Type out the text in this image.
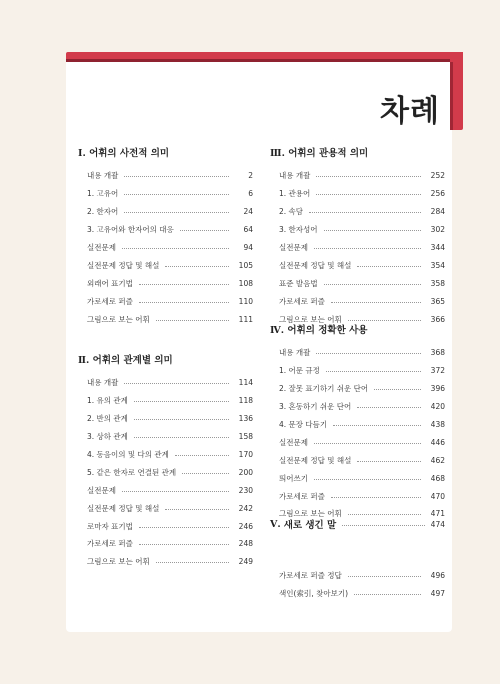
차례
Ⅰ. 어휘의 사전적 의미
내용 개괄	2
1. 고유어	6
2. 한자어	24
3. 고유어와 한자어의 대응	64
실전문제	94
실전문제 정답 및 해설	105
외래어 표기법	108
가로세로 퍼즐	110
그림으로 보는 어휘	111
Ⅱ. 어휘의 관계별 의미
내용 개괄	114
1. 유의 관계	118
2. 반의 관계	136
3. 상하 관계	158
4. 동음이의 및 다의 관계	170
5. 같은 한자로 연결된 관계	200
실전문제	230
실전문제 정답 및 해설	242
로마자 표기법	246
가로세로 퍼즐	248
그림으로 보는 어휘	249
Ⅲ. 어휘의 관용적 의미
내용 개괄	252
1. 관용어	256
2. 속담	284
3. 한자성어	302
실전문제	344
실전문제 정답 및 해설	354
표준 발음법	358
가로세로 퍼즐	365
그림으로 보는 어휘	366
Ⅳ. 어휘의 정확한 사용
내용 개괄	368
1. 어문 규정	372
2. 잘못 표기하기 쉬운 단어	396
3. 혼동하기 쉬운 단어	420
4. 문장 다듬기	438
실전문제	446
실전문제 정답 및 해설	462
띄어쓰기	468
가로세로 퍼즐	470
그림으로 보는 어휘	471
Ⅴ. 새로 생긴 말	474
가로세로 퍼즐 정답	496
색인(索引, 찾아보기)	497
